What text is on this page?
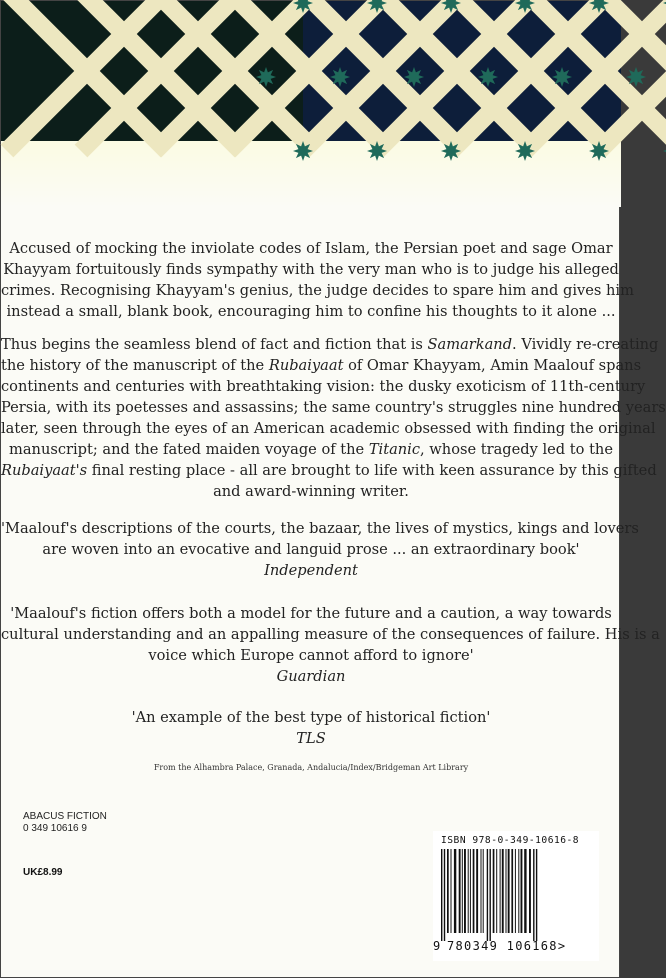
Accused of mocking the inviolate codes of Islam, the Persian poet and sage Omar
Khayyam fortuitously finds sympathy with the very man who is to judge his alleged
crimes. Recognising Khayyam's genius, the judge decides to spare him and gives him
instead a small, blank book, encouraging him to confine his thoughts to it alone ...
Thus begins the seamless blend of fact and fiction that is Samarkand. Vividly re-creating
the history of the manuscript of the Rubaiyaat of Omar Khayyam, Amin Maalouf spans
continents and centuries with breathtaking vision: the dusky exoticism of 11th-century
Persia, with its poetesses and assassins; the same country's struggles nine hundred years
later, seen through the eyes of an American academic obsessed with finding the original
manuscript; and the fated maiden voyage of the Titanic, whose tragedy led to the
Rubaiyaat's final resting place - all are brought to life with keen assurance by this gifted
and award-winning writer.
'Maalouf's descriptions of the courts, the bazaar, the lives of mystics, kings and lovers
are woven into an evocative and languid prose ... an extraordinary book'
Independent
'Maalouf's fiction offers both a model for the future and a caution, a way towards
cultural understanding and an appalling measure of the consequences of failure. His is a
voice which Europe cannot afford to ignore'
Guardian
'An example of the best type of historical fiction'
TLS
From the Alhambra Palace, Granada, Andalucia/Index/Bridgeman Art Library
ABACUS FICTION
0 349 10616 9
UK£8.99
ISBN 978-0-349-10616-8
9 780349 106168>
